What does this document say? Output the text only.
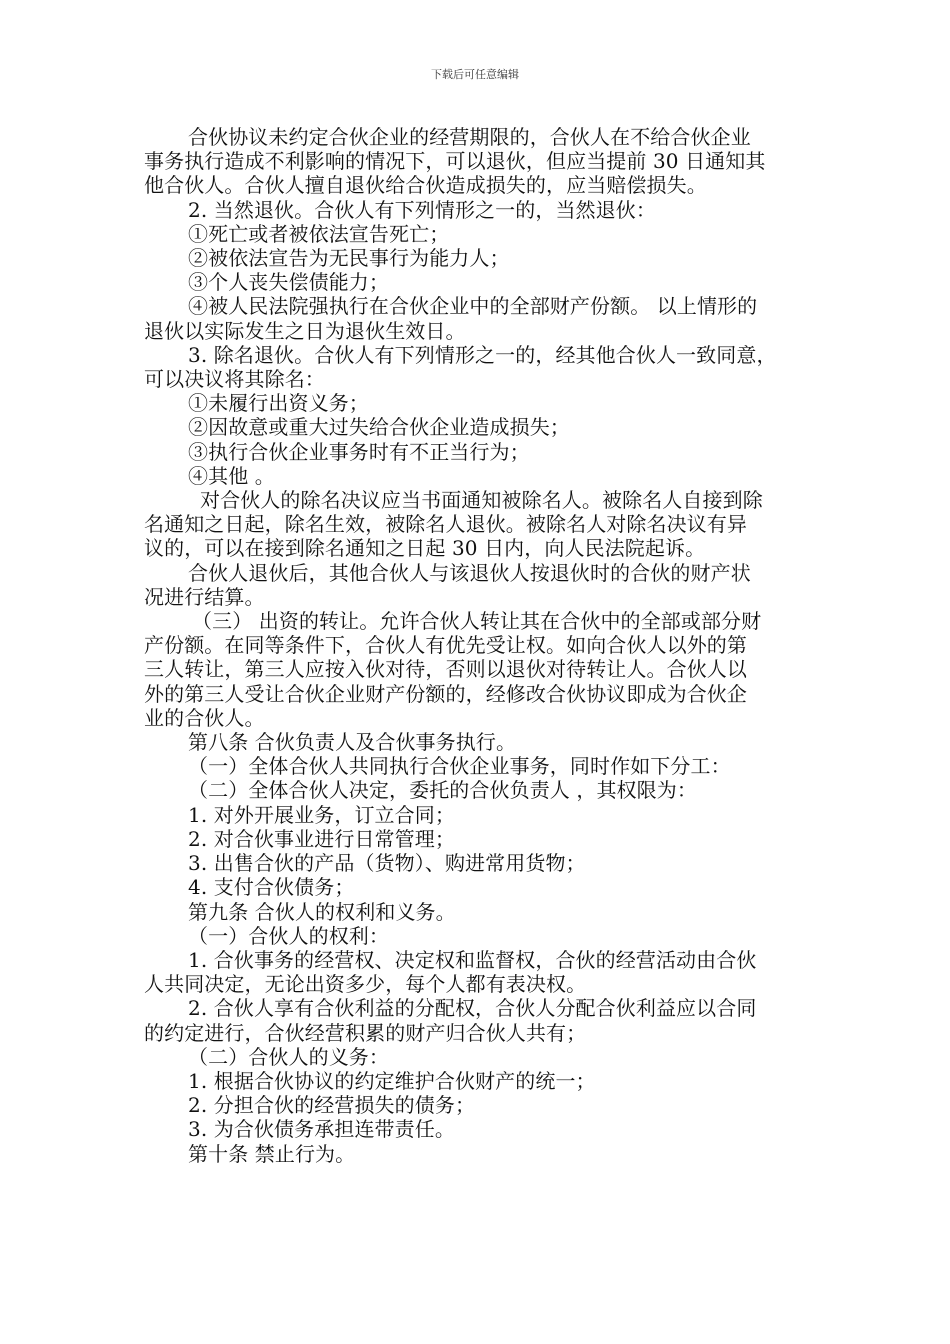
下载后可任意编辑

合伙协议未约定合伙企业的经营期限的，合伙人在不给合伙企业

事务执行造成不利影响的情况下，可以退伙，但应当提前 30 日通知其

他合伙人。合伙人擅自退伙给合伙造成损失的，应当赔偿损失。

2. 当然退伙。合伙人有下列情形之一的，当然退伙：

①死亡或者被依法宣告死亡；

②被依法宣告为无民事行为能力人；

③个人丧失偿债能力；

④被人民法院强执行在合伙企业中的全部财产份额。 以上情形的

退伙以实际发生之日为退伙生效日。

3. 除名退伙。合伙人有下列情形之一的，经其他合伙人一致同意，

可以决议将其除名：

①未履行出资义务；

②因故意或重大过失给合伙企业造成损失；

③执行合伙企业事务时有不正当行为；

④其他 。

对合伙人的除名决议应当书面通知被除名人。被除名人自接到除

名通知之日起，除名生效，被除名人退伙。被除名人对除名决议有异

议的，可以在接到除名通知之日起 30 日内，向人民法院起诉。

合伙人退伙后，其他合伙人与该退伙人按退伙时的合伙的财产状

况进行结算。

（三） 出资的转让。允许合伙人转让其在合伙中的全部或部分财

产份额。在同等条件下，合伙人有优先受让权。如向合伙人以外的第

三人转让，第三人应按入伙对待，否则以退伙对待转让人。合伙人以

外的第三人受让合伙企业财产份额的，经修改合伙协议即成为合伙企

业的合伙人。

第八条 合伙负责人及合伙事务执行。

（一）全体合伙人共同执行合伙企业事务，同时作如下分工：

（二）全体合伙人决定，委托的合伙负责人 ，其权限为：

1. 对外开展业务，订立合同；

2. 对合伙事业进行日常管理；

3. 出售合伙的产品（货物）、购进常用货物；

4. 支付合伙债务；

第九条 合伙人的权利和义务。

（一）合伙人的权利：

1. 合伙事务的经营权、决定权和监督权，合伙的经营活动由合伙

人共同决定，无论出资多少，每个人都有表决权。

2. 合伙人享有合伙利益的分配权，合伙人分配合伙利益应以合同

的约定进行，合伙经营积累的财产归合伙人共有；

（二）合伙人的义务：

1. 根据合伙协议的约定维护合伙财产的统一；

2. 分担合伙的经营损失的债务；

3. 为合伙债务承担连带责任。

第十条 禁止行为。
